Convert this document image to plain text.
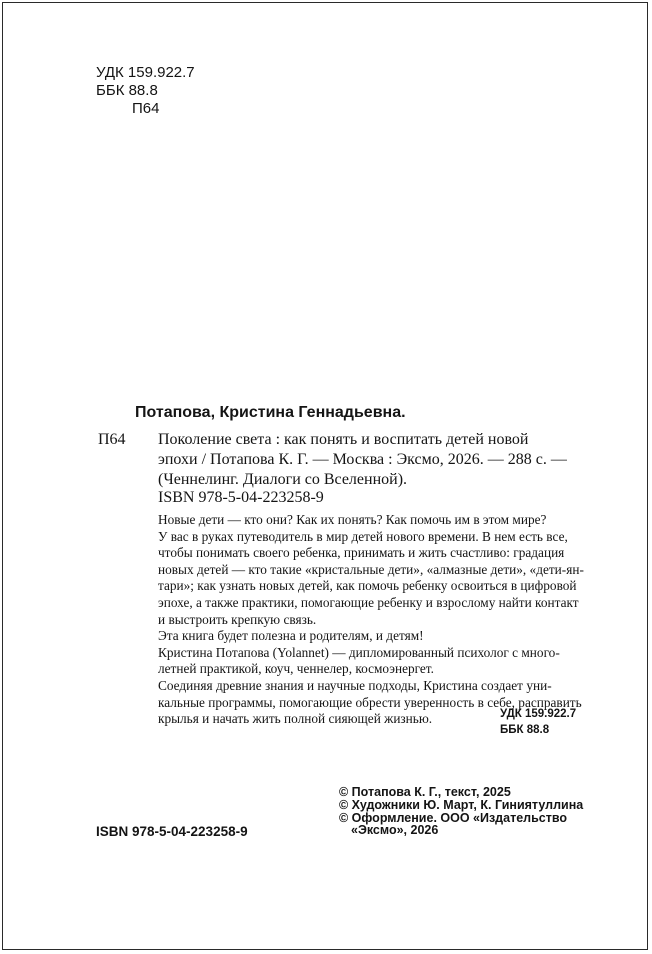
УДК 159.922.7
ББК 88.8
П64
Потапова, Кристина Геннадьевна.
П64 Поколение света : как понять и воспитать детей новой
эпохи / Потапова К. Г. — Москва : Эксмо, 2026. — 288 с. —
(Ченнелинг. Диалоги со Вселенной).
ISBN 978-5-04-223258-9
Новые дети — кто они? Как их понять? Как помочь им в этом мире?
У вас в руках путеводитель в мир детей нового времени. В нем есть все,
чтобы понимать своего ребенка, принимать и жить счастливо: градация
новых детей — кто такие «кристальные дети», «алмазные дети», «дети-ян-
тари»; как узнать новых детей, как помочь ребенку освоиться в цифровой
эпохе, а также практики, помогающие ребенку и взрослому найти контакт
и выстроить крепкую связь.
Эта книга будет полезна и родителям, и детям!
Кристина Потапова (Yolannet) — дипломированный психолог с много-
летней практикой, коуч, ченнелер, космоэнергет.
Соединяя древние знания и научные подходы, Кристина создает уни-
кальные программы, помогающие обрести уверенность в себе, расправить
крылья и начать жить полной сияющей жизнью.	УДК 159.922.7
ББК 88.8
© Потапова К. Г., текст, 2025
© Художники Ю. Март, К. Гиниятуллина
© Оформление. ООО «Издательство
«Эксмо», 2026
ISBN 978-5-04-223258-9
